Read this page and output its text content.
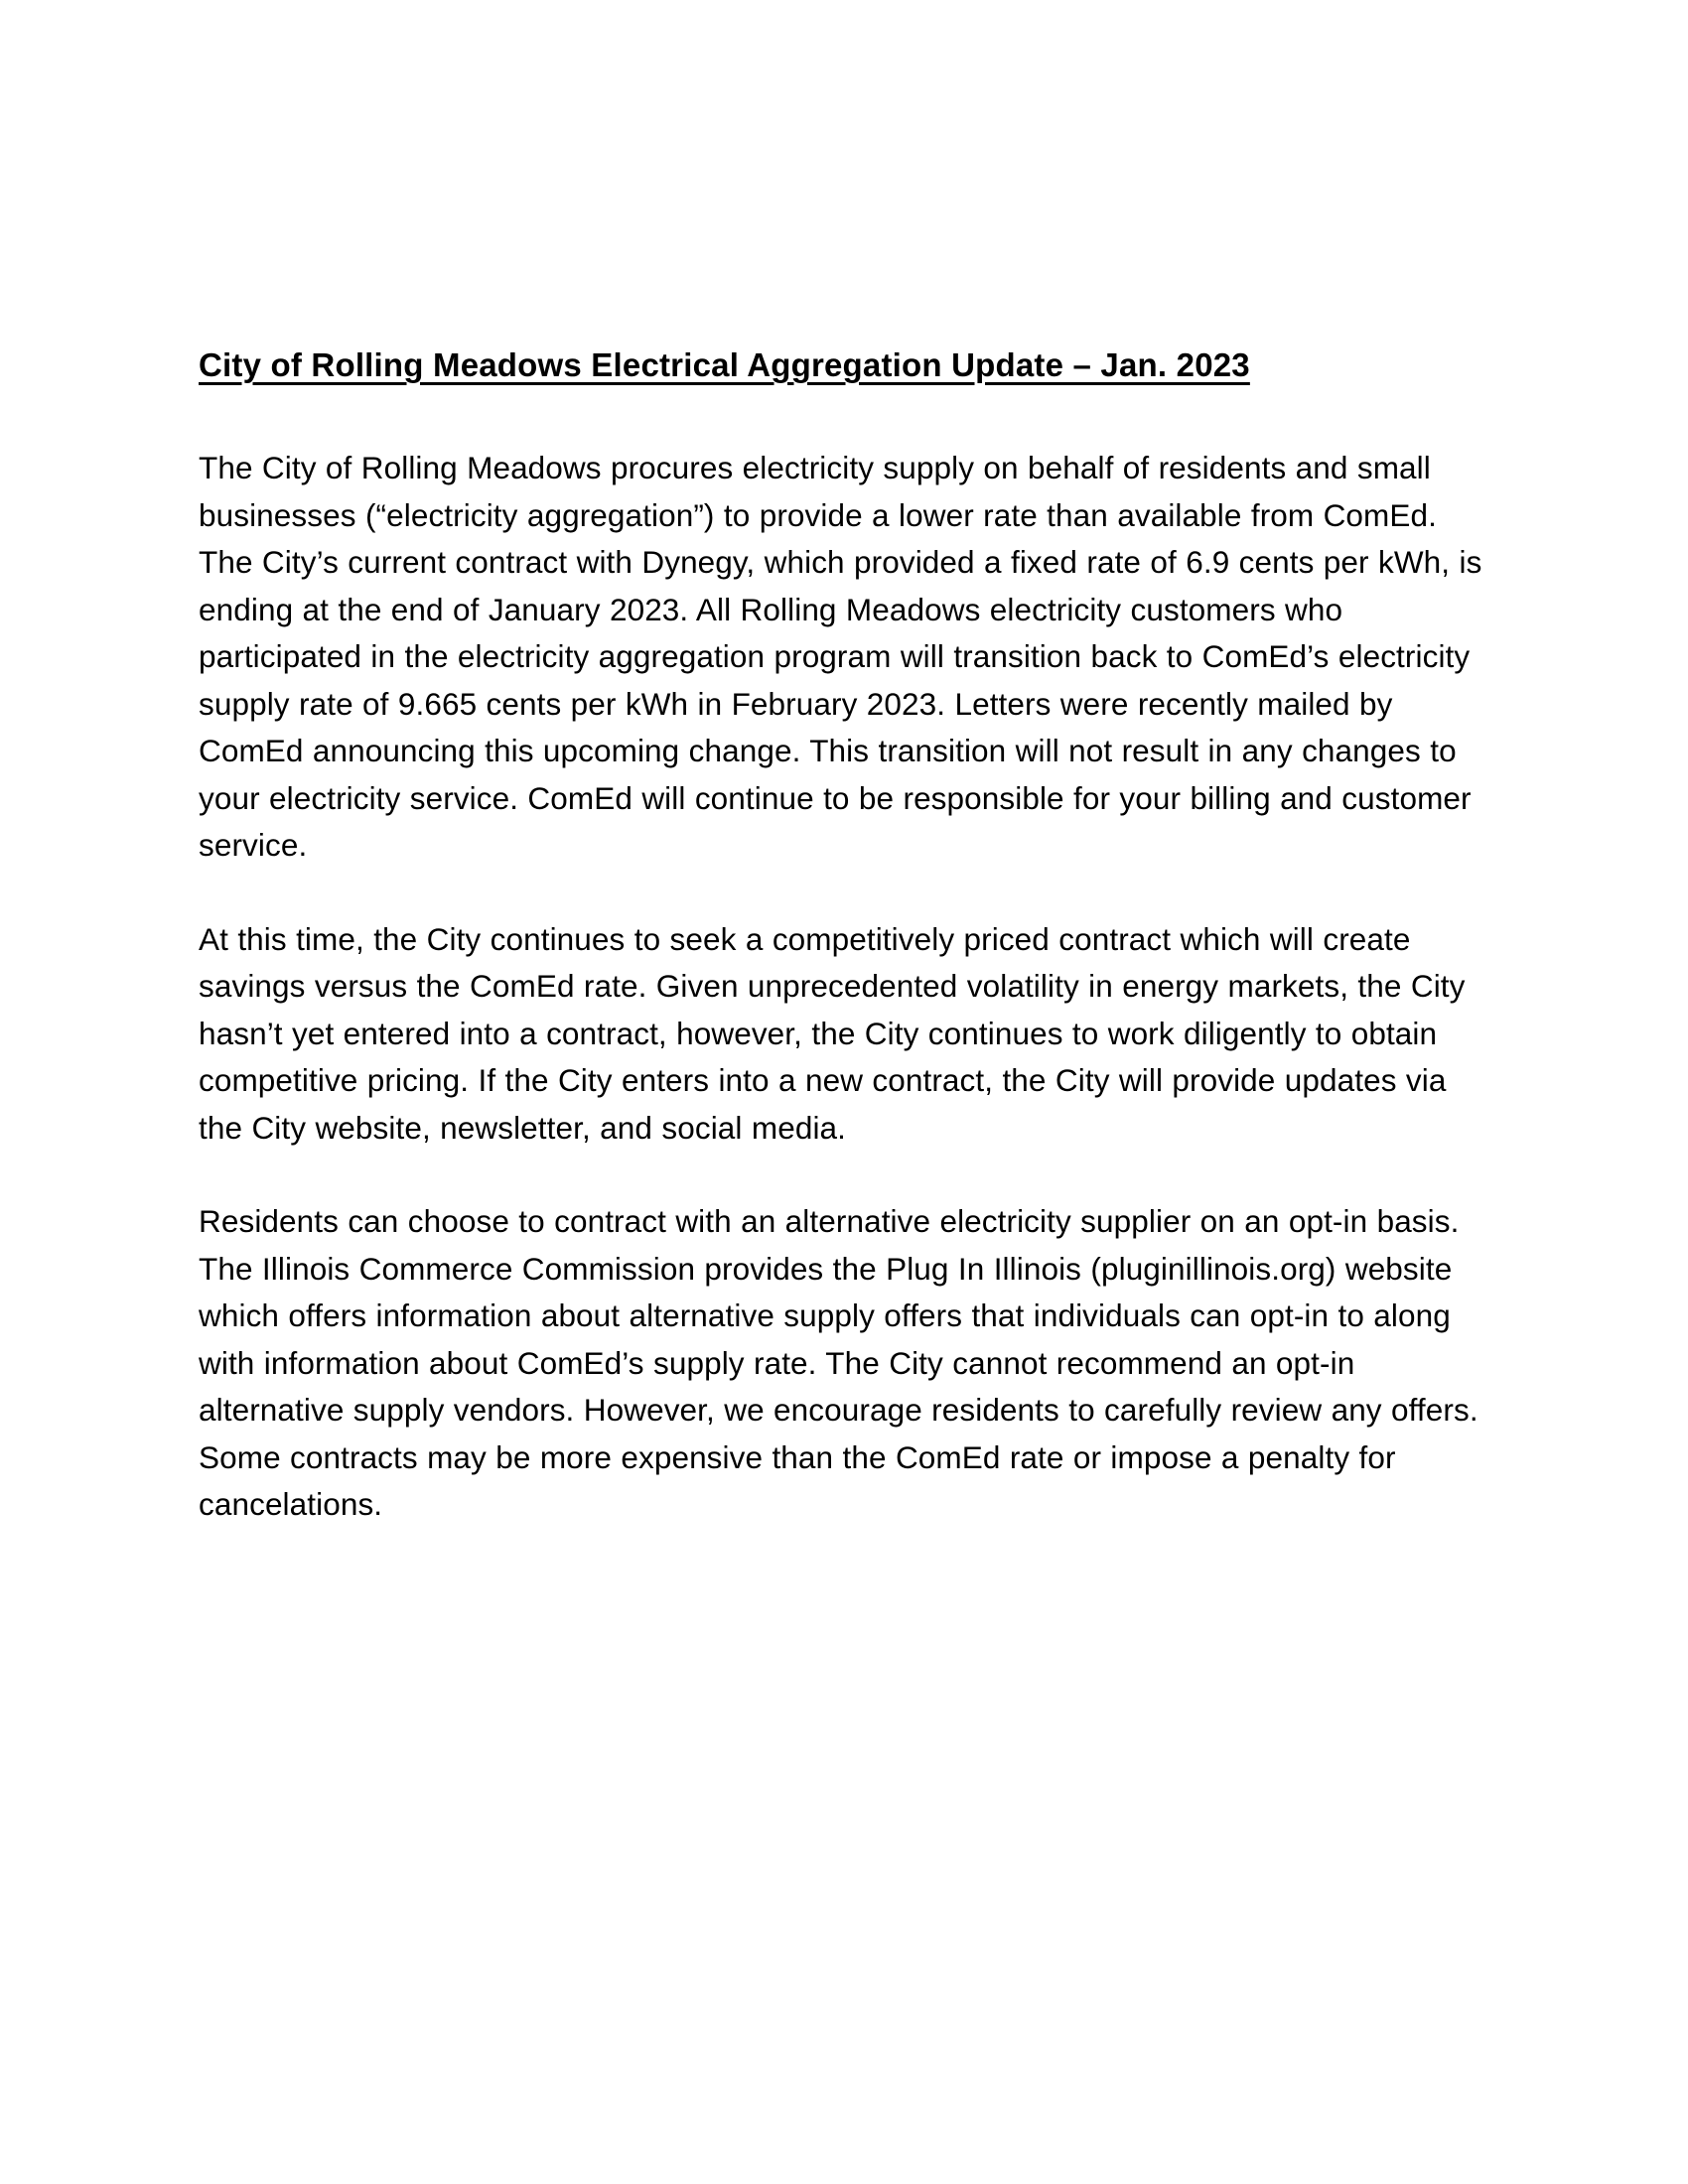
City of Rolling Meadows Electrical Aggregation Update – Jan. 2023

The City of Rolling Meadows procures electricity supply on behalf of residents and small businesses (“electricity aggregation”) to provide a lower rate than available from ComEd. The City’s current contract with Dynegy, which provided a fixed rate of 6.9 cents per kWh, is ending at the end of January 2023. All Rolling Meadows electricity customers who participated in the electricity aggregation program will transition back to ComEd’s electricity supply rate of 9.665 cents per kWh in February 2023. Letters were recently mailed by ComEd announcing this upcoming change. This transition will not result in any changes to your electricity service. ComEd will continue to be responsible for your billing and customer service.

At this time, the City continues to seek a competitively priced contract which will create savings versus the ComEd rate. Given unprecedented volatility in energy markets, the City hasn’t yet entered into a contract, however, the City continues to work diligently to obtain competitive pricing. If the City enters into a new contract, the City will provide updates via the City website, newsletter, and social media.

Residents can choose to contract with an alternative electricity supplier on an opt-in basis. The Illinois Commerce Commission provides the Plug In Illinois (pluginillinois.org) website which offers information about alternative supply offers that individuals can opt-in to along with information about ComEd’s supply rate. The City cannot recommend an opt-in alternative supply vendors. However, we encourage residents to carefully review any offers. Some contracts may be more expensive than the ComEd rate or impose a penalty for cancelations.
